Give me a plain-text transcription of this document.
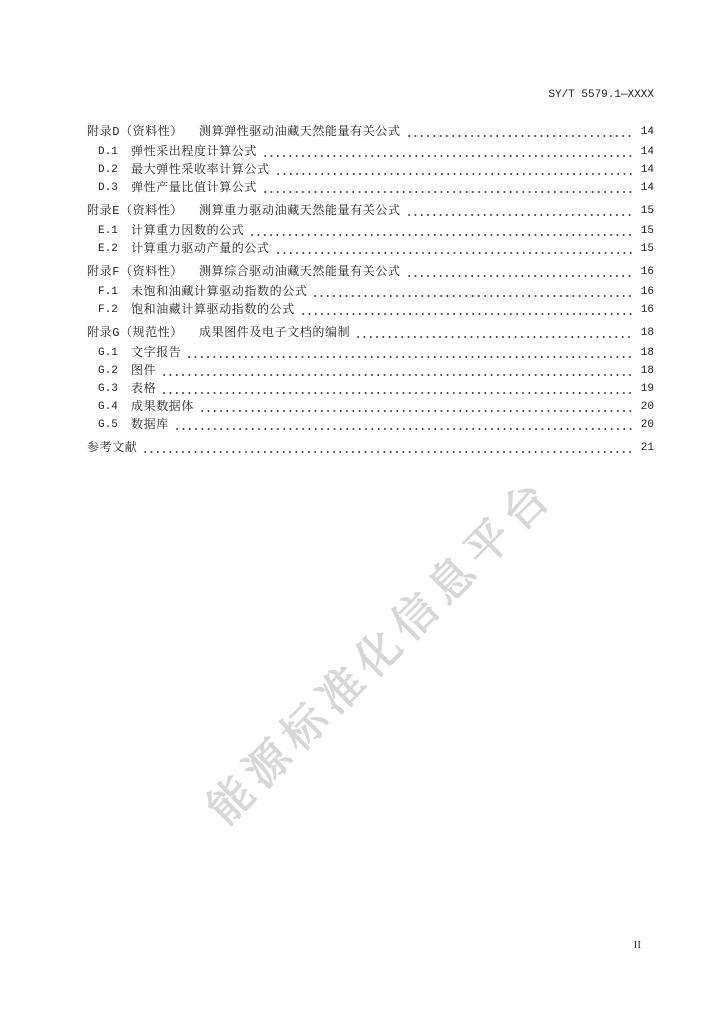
SY/T 5579.1—XXXX
附录D（资料性）	测算弹性驱动油藏天然能量有关公式	14
D.1	弹性采出程度计算公式	14
D.2	最大弹性采收率计算公式	14
D.3	弹性产量比值计算公式	14
附录E（资料性）	测算重力驱动油藏天然能量有关公式	15
E.1	计算重力因数的公式	15
E.2	计算重力驱动产量的公式	15
附录F（资料性）	测算综合驱动油藏天然能量有关公式	16
F.1	未饱和油藏计算驱动指数的公式	16
F.2	饱和油藏计算驱动指数的公式	16
附录G（规范性）	成果图件及电子文档的编制	18
G.1	文字报告	18
G.2	图件	18
G.3	表格	19
G.4	成果数据体	20
G.5	数据库	20
参考文献	21
能源标准化信息平台
II
